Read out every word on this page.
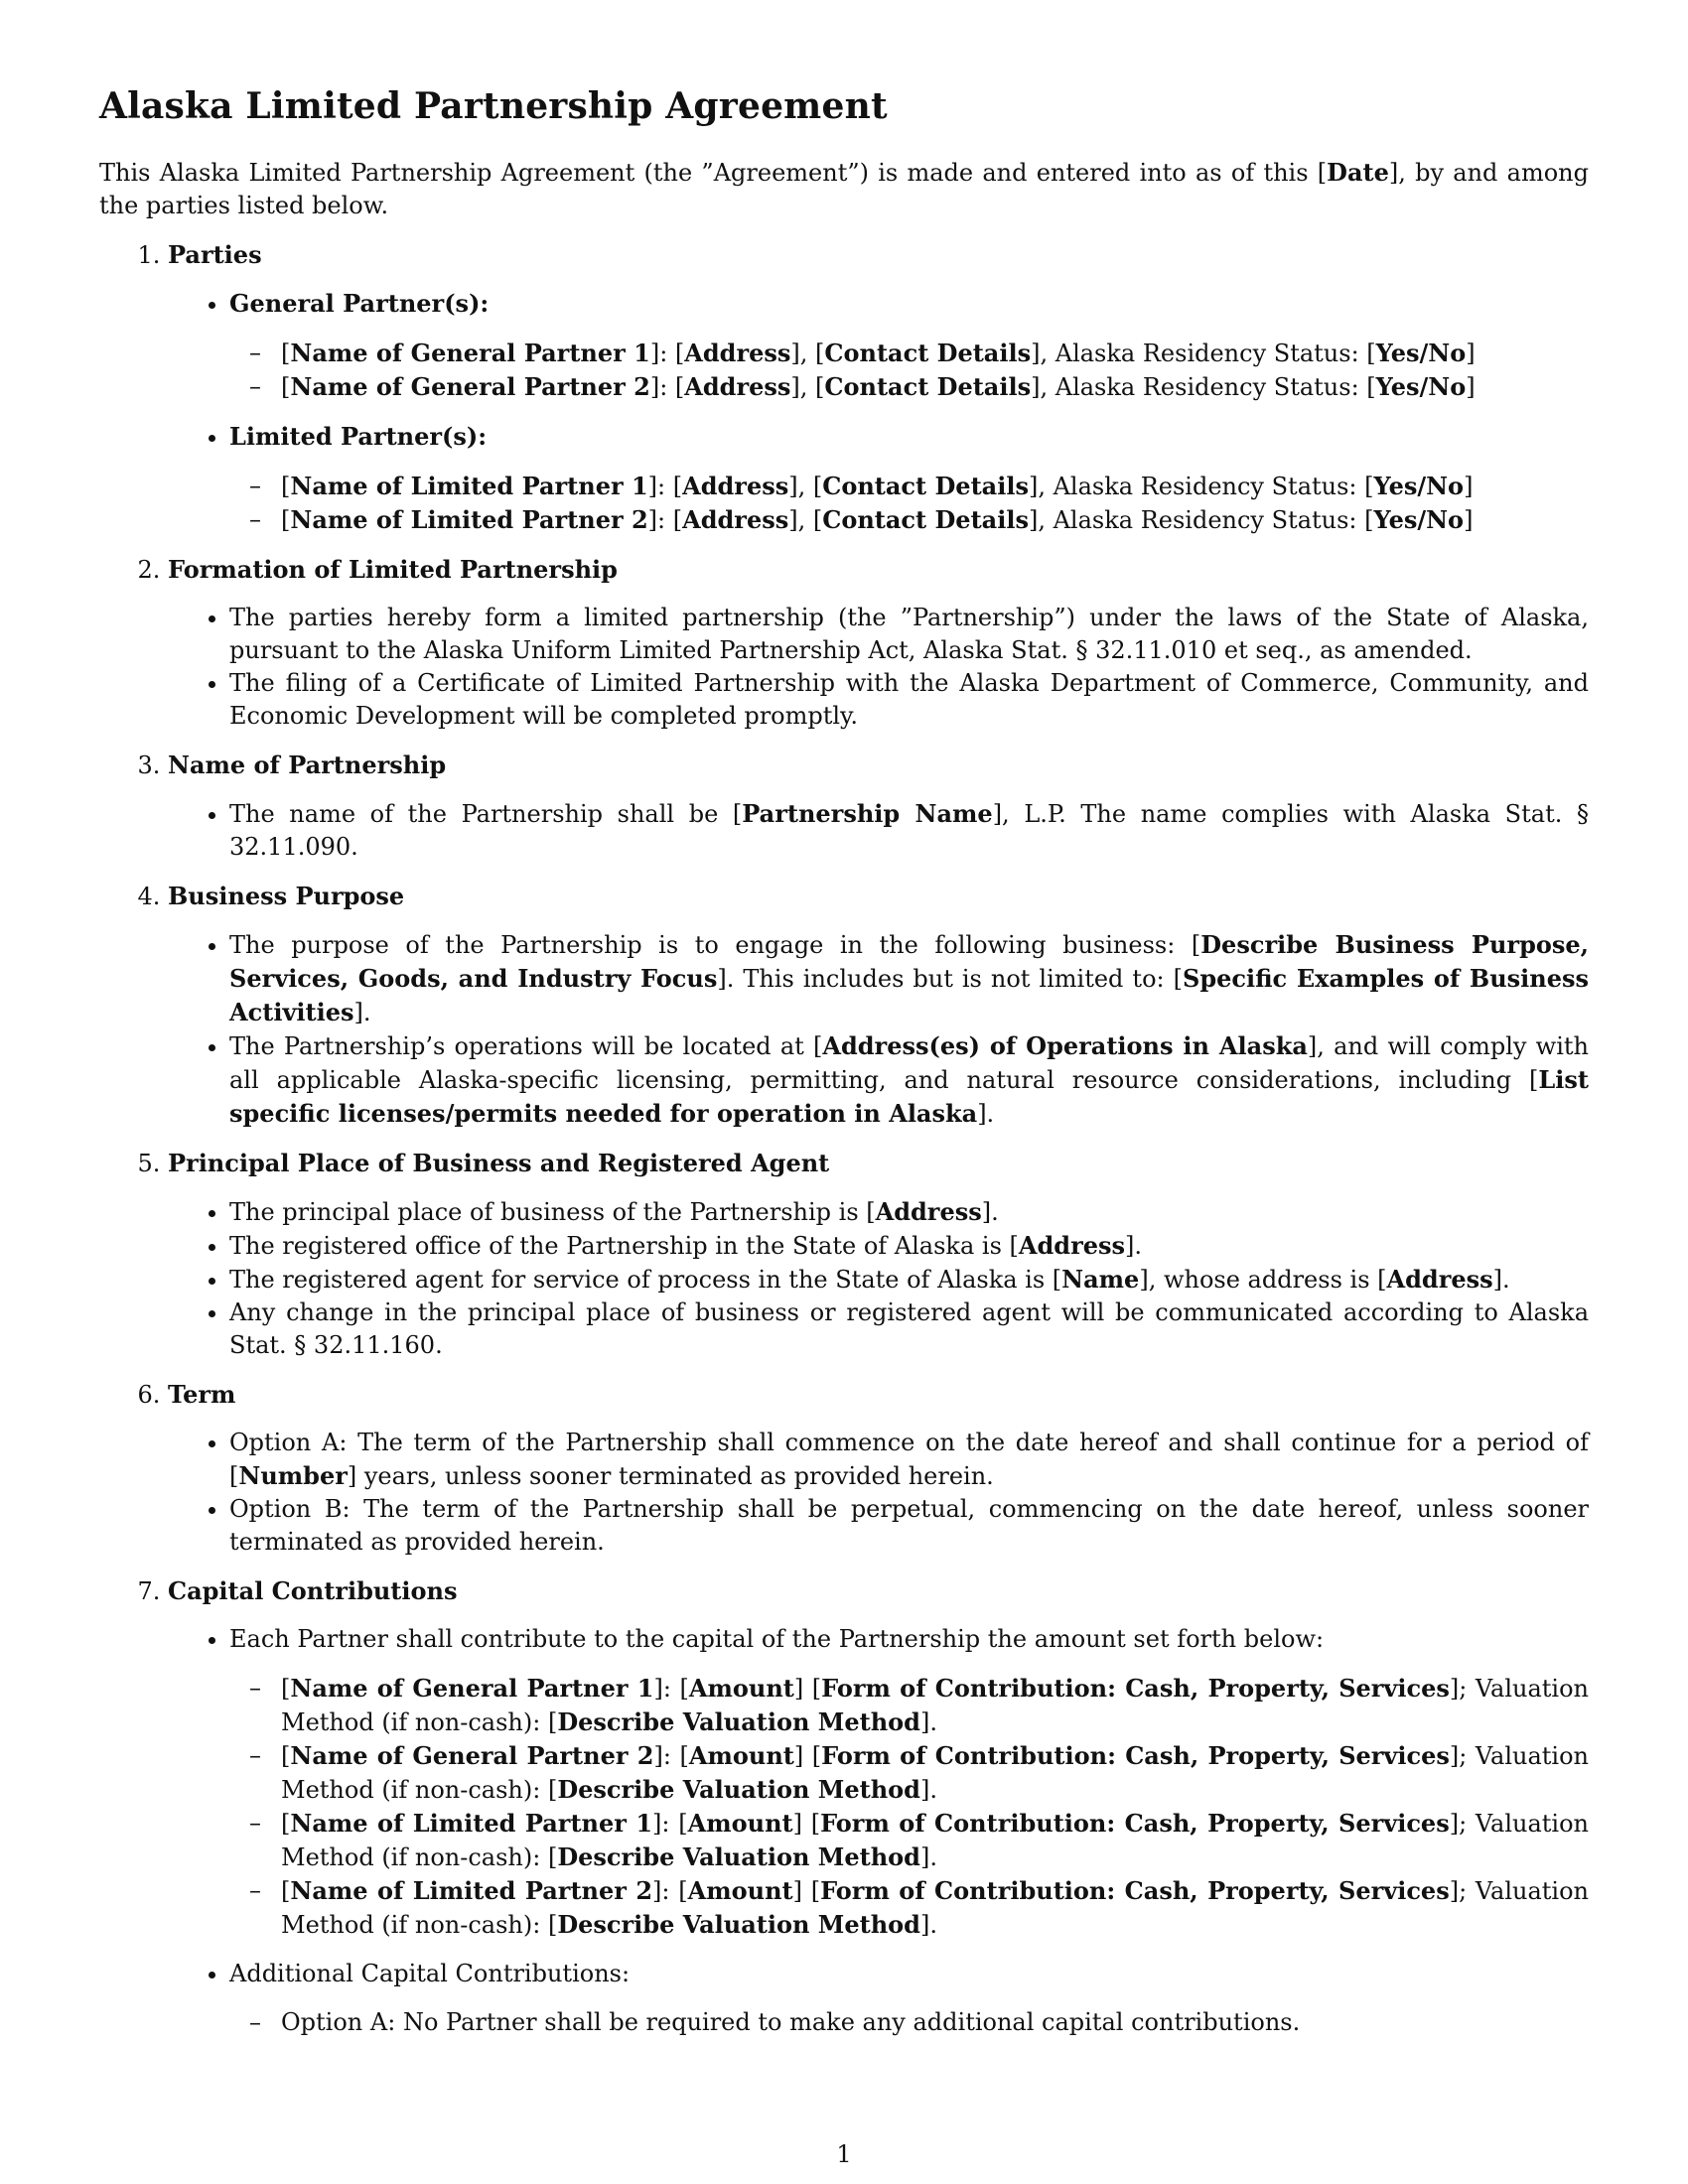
Alaska Limited Partnership Agreement

This Alaska Limited Partnership Agreement (the ”Agreement”) is made and entered into as of this [Date], by and among the parties listed below.

1. Parties
• General Partner(s):
– [Name of General Partner 1]: [Address], [Contact Details], Alaska Residency Status: [Yes/No]
– [Name of General Partner 2]: [Address], [Contact Details], Alaska Residency Status: [Yes/No]
• Limited Partner(s):
– [Name of Limited Partner 1]: [Address], [Contact Details], Alaska Residency Status: [Yes/No]
– [Name of Limited Partner 2]: [Address], [Contact Details], Alaska Residency Status: [Yes/No]
2. Formation of Limited Partnership
• The parties hereby form a limited partnership (the ”Partnership”) under the laws of the State of Alaska, pursuant to the Alaska Uniform Limited Partnership Act, Alaska Stat. § 32.11.010 et seq., as amended.
• The filing of a Certificate of Limited Partnership with the Alaska Department of Commerce, Community, and Economic Development will be completed promptly.
3. Name of Partnership
• The name of the Partnership shall be [Partnership Name], L.P. The name complies with Alaska Stat. § 32.11.090.
4. Business Purpose
• The purpose of the Partnership is to engage in the following business: [Describe Business Purpose, Services, Goods, and Industry Focus]. This includes but is not limited to: [Specific Examples of Business Activities].
• The Partnership’s operations will be located at [Address(es) of Operations in Alaska], and will comply with all applicable Alaska-specific licensing, permitting, and natural resource considerations, including [List specific licenses/permits needed for operation in Alaska].
5. Principal Place of Business and Registered Agent
• The principal place of business of the Partnership is [Address].
• The registered office of the Partnership in the State of Alaska is [Address].
• The registered agent for service of process in the State of Alaska is [Name], whose address is [Address].
• Any change in the principal place of business or registered agent will be communicated according to Alaska Stat. § 32.11.160.
6. Term
• Option A: The term of the Partnership shall commence on the date hereof and shall continue for a period of [Number] years, unless sooner terminated as provided herein.
• Option B: The term of the Partnership shall be perpetual, commencing on the date hereof, unless sooner terminated as provided herein.
7. Capital Contributions
• Each Partner shall contribute to the capital of the Partnership the amount set forth below:
– [Name of General Partner 1]: [Amount] [Form of Contribution: Cash, Property, Services]; Valuation Method (if non-cash): [Describe Valuation Method].
– [Name of General Partner 2]: [Amount] [Form of Contribution: Cash, Property, Services]; Valuation Method (if non-cash): [Describe Valuation Method].
– [Name of Limited Partner 1]: [Amount] [Form of Contribution: Cash, Property, Services]; Valuation Method (if non-cash): [Describe Valuation Method].
– [Name of Limited Partner 2]: [Amount] [Form of Contribution: Cash, Property, Services]; Valuation Method (if non-cash): [Describe Valuation Method].
• Additional Capital Contributions:
– Option A: No Partner shall be required to make any additional capital contributions.
1
